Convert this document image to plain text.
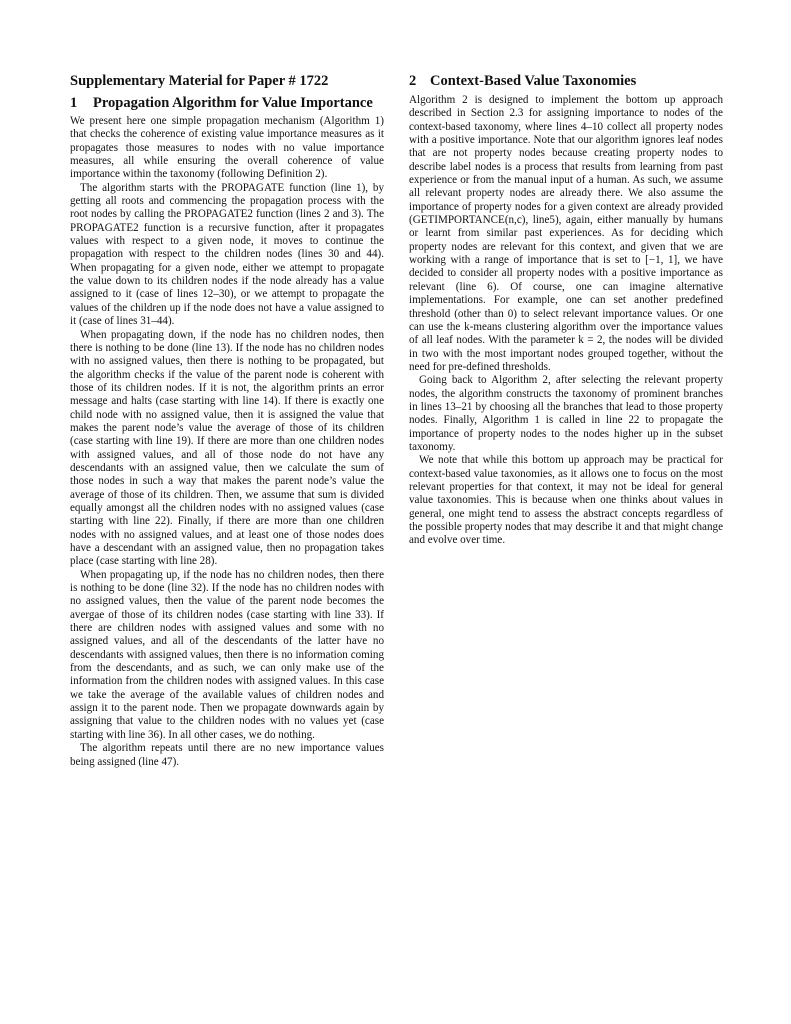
Supplementary Material for Paper # 1722
1	Propagation Algorithm for Value Importance

We present here one simple propagation mechanism (Algorithm 1) that checks the coherence of existing value importance measures as it propagates those measures to nodes with no value importance measures, all while ensuring the overall coherence of value importance within the taxonomy (following Definition 2).

The algorithm starts with the PROPAGATE function (line 1), by getting all roots and commencing the propagation process with the root nodes by calling the PROPAGATE2 function (lines 2 and 3). The PROPAGATE2 function is a recursive function, after it propagates values with respect to a given node, it moves to continue the propagation with respect to the children nodes (lines 30 and 44). When propagating for a given node, either we attempt to propagate the value down to its children nodes if the node already has a value assigned to it (case of lines 12–30), or we attempt to propagate the values of the children up if the node does not have a value assigned to it (case of lines 31–44).

When propagating down, if the node has no children nodes, then there is nothing to be done (line 13). If the node has no children nodes with no assigned values, then there is nothing to be propagated, but the algorithm checks if the value of the parent node is coherent with those of its children nodes. If it is not, the algorithm prints an error message and halts (case starting with line 14). If there is exactly one child node with no assigned value, then it is assigned the value that makes the parent node’s value the average of those of its children (case starting with line 19). If there are more than one children nodes with assigned values, and all of those node do not have any descendants with an assigned value, then we calculate the sum of those nodes in such a way that makes the parent node’s value the average of those of its children. Then, we assume that sum is divided equally amongst all the children nodes with no assigned values (case starting with line 22). Finally, if there are more than one children nodes with no assigned values, and at least one of those nodes does have a descendant with an assigned value, then no propagation takes place (case starting with line 28).

When propagating up, if the node has no children nodes, then there is nothing to be done (line 32). If the node has no children nodes with no assigned values, then the value of the parent node becomes the avergae of those of its children nodes (case starting with line 33). If there are children nodes with assigned values and some with no assigned values, and all of the descendants of the latter have no descendants with assigned values, then there is no information coming from the descendants, and as such, we can only make use of the information from the children nodes with assigned values. In this case we take the average of the available values of children nodes and assign it to the parent node. Then we propagate downwards again by assigning that value to the children nodes with no values yet (case starting with line 36). In all other cases, we do nothing.

The algorithm repeats until there are no new importance values being assigned (line 47).

2 Context-Based Value Taxonomies

Algorithm 2 is designed to implement the bottom up approach described in Section 2.3 for assigning importance to nodes of the context-based taxonomy, where lines 4–10 collect all property nodes with a positive importance. Note that our algorithm ignores leaf nodes that are not property nodes because creating property nodes to describe label nodes is a process that results from learning from past experience or from the manual input of a human. As such, we assume all relevant property nodes are already there. We also assume the importance of property nodes for a given context are already provided (GETIMPORTANCE(n,c), line5), again, either manually by humans or learnt from similar past experiences. As for deciding which property nodes are relevant for this context, and given that we are working with a range of importance that is set to [−1, 1], we have decided to consider all property nodes with a positive importance as relevant (line 6). Of course, one can imagine alternative implementations. For example, one can set another predefined threshold (other than 0) to select relevant importance values. Or one can use the k-means clustering algorithm over the importance values of all leaf nodes. With the parameter k = 2, the nodes will be divided in two with the most important nodes grouped together, without the need for pre-defined thresholds.

Going back to Algorithm 2, after selecting the relevant property nodes, the algorithm constructs the taxonomy of prominent branches in lines 13–21 by choosing all the branches that lead to those property nodes. Finally, Algorithm 1 is called in line 22 to propagate the importance of property nodes to the nodes higher up in the subset taxonomy.

We note that while this bottom up approach may be practical for context-based value taxonomies, as it allows one to focus on the most relevant properties for that context, it may not be ideal for general value taxonomies. This is because when one thinks about values in general, one might tend to assess the abstract concepts regardless of the possible property nodes that may describe it and that might change and evolve over time.
